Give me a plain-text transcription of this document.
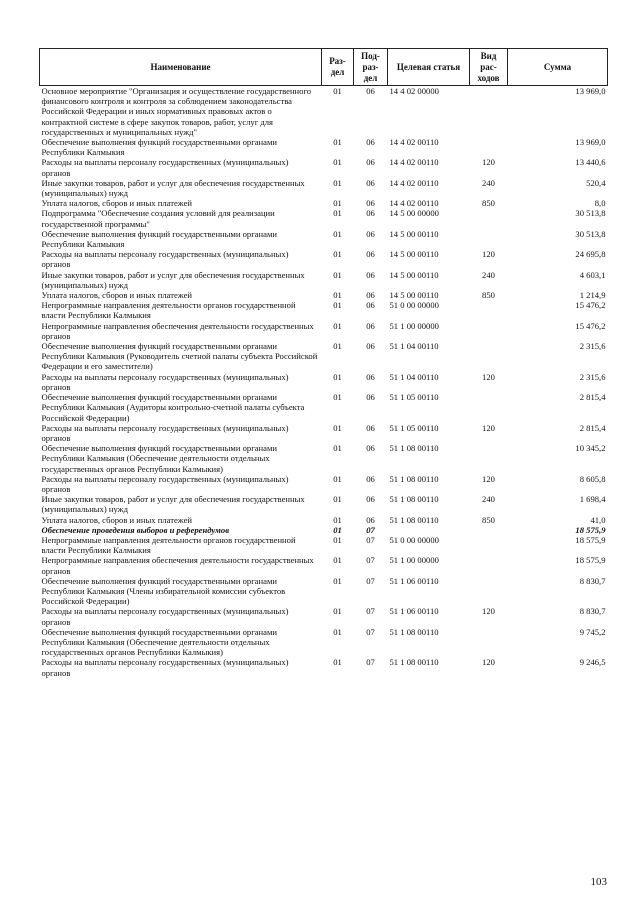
Наименование	Раз-дел	Под-раз-дел	Целевая статья	Вид рас-ходов	Сумма
Основное мероприятие "Организация и осуществление государственного финансового контроля и контроля за соблюдением законодательства Российской Федерации и иных нормативных правовых актов о контрактной системе в сфере закупок товаров, работ, услуг для государственных и муниципальных нужд"	01	06	14 4 02 00000		13 969,0
Обеспечение выполнения функций государственными органами Республики Калмыкия	01	06	14 4 02 00110		13 969,0
Расходы на выплаты персоналу государственных (муниципальных) органов	01	06	14 4 02 00110	120	13 440,6
Иные закупки товаров, работ и услуг для обеспечения государственных (муниципальных) нужд	01	06	14 4 02 00110	240	520,4
Уплата налогов, сборов и иных платежей	01	06	14 4 02 00110	850	8,0
Подпрограмма "Обеспечение создания условий для реализации государственной программы"	01	06	14 5 00 00000		30 513,8
Обеспечение выполнения функций государственными органами Республики Калмыкия	01	06	14 5 00 00110		30 513,8
Расходы на выплаты персоналу государственных (муниципальных) органов	01	06	14 5 00 00110	120	24 695,8
Иные закупки товаров, работ и услуг для обеспечения государственных (муниципальных) нужд	01	06	14 5 00 00110	240	4 603,1
Уплата налогов, сборов и иных платежей	01	06	14 5 00 00110	850	1 214,9
Непрограммные направления деятельности органов государственной власти Республики Калмыкия	01	06	51 0 00 00000		15 476,2
Непрограммные направления обеспечения деятельности государственных органов	01	06	51 1 00 00000		15 476,2
Обеспечение выполнения функций государственными органами Республики Калмыкия (Руководитель счетной палаты субъекта Российской Федерации и его заместители)	01	06	51 1 04 00110		2 315,6
Расходы на выплаты персоналу государственных (муниципальных) органов	01	06	51 1 04 00110	120	2 315,6
Обеспечение выполнения функций государственными органами Республики Калмыкия (Аудиторы контрольно-счетной палаты субъекта Российской Федерации)	01	06	51 1 05 00110		2 815,4
Расходы на выплаты персоналу государственных (муниципальных) органов	01	06	51 1 05 00110	120	2 815,4
Обеспечение выполнения функций государственными органами Республики Калмыкия (Обеспечение деятельности отдельных государственных органов Республики Калмыкия)	01	06	51 1 08 00110		10 345,2
Расходы на выплаты персоналу государственных (муниципальных) органов	01	06	51 1 08 00110	120	8 605,8
Иные закупки товаров, работ и услуг для обеспечения государственных (муниципальных) нужд	01	06	51 1 08 00110	240	1 698,4
Уплата налогов, сборов и иных платежей	01	06	51 1 08 00110	850	41,0
Обеспечение проведения выборов и референдумов	01	07			18 575,9
Непрограммные направления деятельности органов государственной власти Республики Калмыкия	01	07	51 0 00 00000		18 575,9
Непрограммные направления обеспечения деятельности государственных органов	01	07	51 1 00 00000		18 575,9
Обеспечение выполнения функций государственными органами Республики Калмыкия (Члены избирательной комиссии субъектов Российской Федерации)	01	07	51 1 06 00110		8 830,7
Расходы на выплаты персоналу государственных (муниципальных) органов	01	07	51 1 06 00110	120	8 830,7
Обеспечение выполнения функций государственными органами Республики Калмыкия (Обеспечение деятельности отдельных государственных органов Республики Калмыкия)	01	07	51 1 08 00110		9 745,2
Расходы на выплаты персоналу государственных (муниципальных) органов	01	07	51 1 08 00110	120	9 246,5
103
